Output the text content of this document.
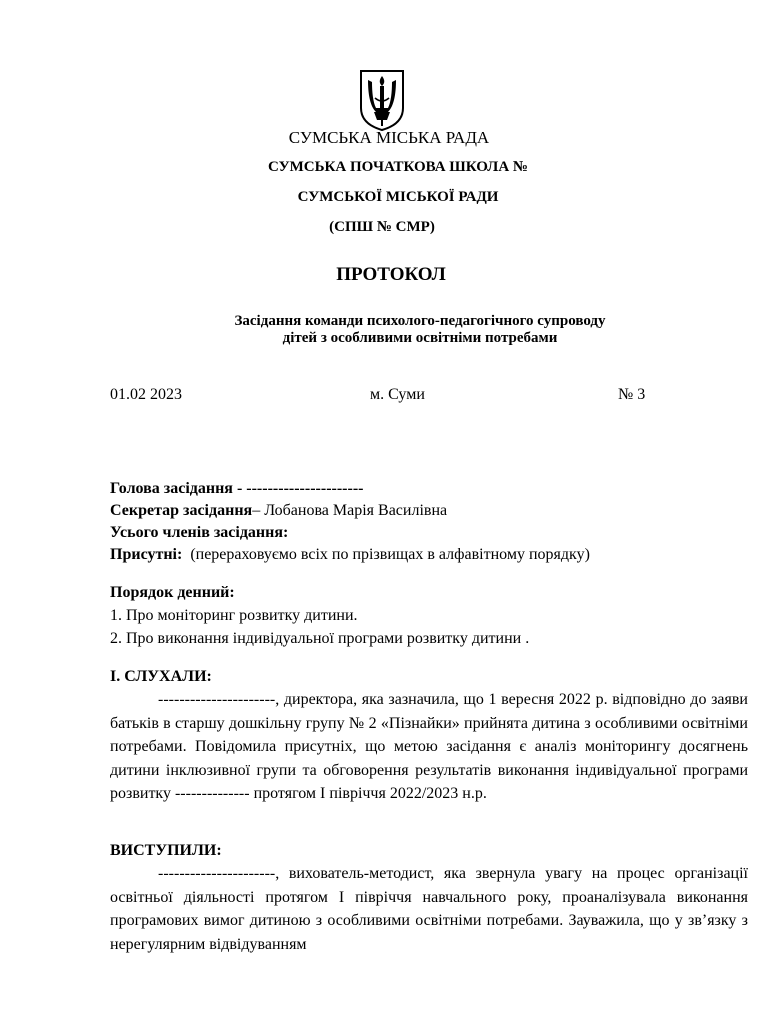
СУМСЬКА МІСЬКА РАДА
СУМСЬКА ПОЧАТКОВА ШКОЛА №
СУМСЬКОЇ МІСЬКОЇ РАДИ
(СПШ № СМР)
ПРОТОКОЛ
Засідання команди психолого-педагогічного супроводу
дітей з особливими освітніми потребами
01.02 2023	м. Суми	№ 3
Голова засідання - ----------------------
Секретар засідання– Лобанова Марія Василівна
Усього членів засідання:
Присутні: (перераховуємо всіх по прізвищах в алфавітному порядку)
Порядок денний:
1. Про моніторинг розвитку дитини.
2. Про виконання індивідуальної програми розвитку дитини .
I. СЛУХАЛИ:
----------------------, директора, яка зазначила, що 1 вересня 2022 р. відповідно до заяви батьків в старшу дошкільну групу № 2 «Пізнайки» прийнята дитина з особливими освітніми потребами. Повідомила присутніх, що метою засідання є аналіз моніторингу досягнень дитини інклюзивної групи та обговорення результатів виконання індивідуальної програми розвитку -------------- протягом I півріччя 2022/2023 н.р.
ВИСТУПИЛИ:
----------------------, вихователь-методист, яка звернула увагу на процес організації освітньої діяльності протягом I півріччя навчального року, проаналізувала виконання програмових вимог дитиною з особливими освітніми потребами. Зауважила, що у зв’язку з нерегулярним відвідуванням
